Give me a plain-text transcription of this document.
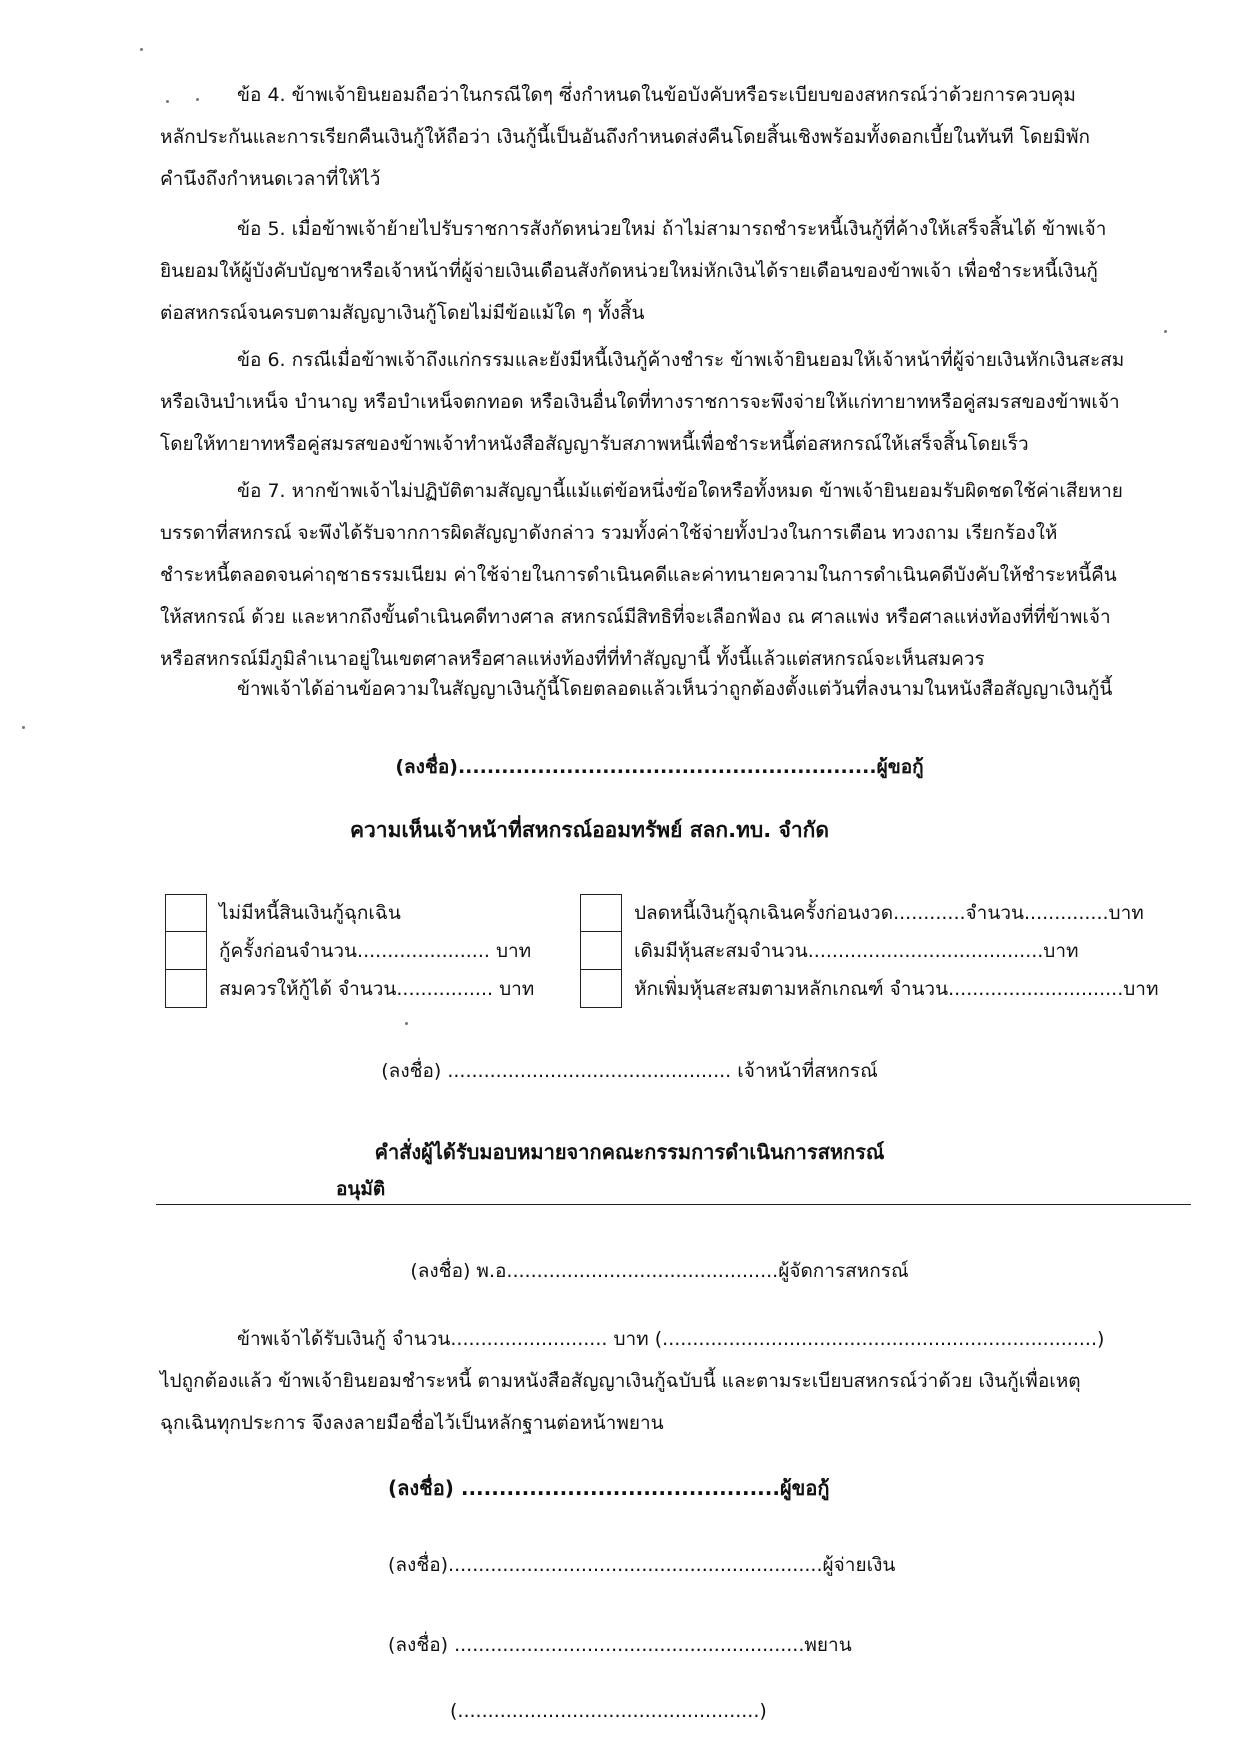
ข้อ 4. ข้าพเจ้ายินยอมถือว่าในกรณีใดๆ ซึ่งกำหนดในข้อบังคับหรือระเบียบของสหกรณ์ว่าด้วยการควบคุม
หลักประกันและการเรียกคืนเงินกู้ให้ถือว่า เงินกู้นี้เป็นอันถึงกำหนดส่งคืนโดยสิ้นเชิงพร้อมทั้งดอกเบี้ยในทันที โดยมิพัก
คำนึงถึงกำหนดเวลาที่ให้ไว้
ข้อ 5. เมื่อข้าพเจ้าย้ายไปรับราชการสังกัดหน่วยใหม่ ถ้าไม่สามารถชำระหนี้เงินกู้ที่ค้างให้เสร็จสิ้นได้ ข้าพเจ้า
ยินยอมให้ผู้บังคับบัญชาหรือเจ้าหน้าที่ผู้จ่ายเงินเดือนสังกัดหน่วยใหม่หักเงินได้รายเดือนของข้าพเจ้า เพื่อชำระหนี้เงินกู้
ต่อสหกรณ์จนครบตามสัญญาเงินกู้โดยไม่มีข้อแม้ใด ๆ ทั้งสิ้น
ข้อ 6. กรณีเมื่อข้าพเจ้าถึงแก่กรรมและยังมีหนี้เงินกู้ค้างชำระ ข้าพเจ้ายินยอมให้เจ้าหน้าที่ผู้จ่ายเงินหักเงินสะสม
หรือเงินบำเหน็จ บำนาญ หรือบำเหน็จตกทอด หรือเงินอื่นใดที่ทางราชการจะพึงจ่ายให้แก่ทายาทหรือคู่สมรสของข้าพเจ้า
โดยให้ทายาทหรือคู่สมรสของข้าพเจ้าทำหนังสือสัญญารับสภาพหนี้เพื่อชำระหนี้ต่อสหกรณ์ให้เสร็จสิ้นโดยเร็ว
ข้อ 7. หากข้าพเจ้าไม่ปฏิบัติตามสัญญานี้แม้แต่ข้อหนึ่งข้อใดหรือทั้งหมด ข้าพเจ้ายินยอมรับผิดชดใช้ค่าเสียหาย
บรรดาที่สหกรณ์ จะพึงได้รับจากการผิดสัญญาดังกล่าว รวมทั้งค่าใช้จ่ายทั้งปวงในการเตือน ทวงถาม เรียกร้องให้
ชำระหนี้ตลอดจนค่าฤชาธรรมเนียม ค่าใช้จ่ายในการดำเนินคดีและค่าทนายความในการดำเนินคดีบังคับให้ชำระหนี้คืน
ให้สหกรณ์ ด้วย และหากถึงขั้นดำเนินคดีทางศาล สหกรณ์มีสิทธิที่จะเลือกฟ้อง ณ ศาลแพ่ง หรือศาลแห่งท้องที่ที่ข้าพเจ้า
หรือสหกรณ์มีภูมิลำเนาอยู่ในเขตศาลหรือศาลแห่งท้องที่ที่ทำสัญญานี้ ทั้งนี้แล้วแต่สหกรณ์จะเห็นสมควร
ข้าพเจ้าได้อ่านข้อความในสัญญาเงินกู้นี้โดยตลอดแล้วเห็นว่าถูกต้องตั้งแต่วันที่ลงนามในหนังสือสัญญาเงินกู้นี้
(ลงชื่อ)..........................................................ผู้ขอกู้
ความเห็นเจ้าหน้าที่สหกรณ์ออมทรัพย์ สลก.ทบ. จำกัด
ไม่มีหนี้สินเงินกู้ฉุกเฉิน
กู้ครั้งก่อนจำนวน...................... บาท
สมควรให้กู้ได้ จำนวน................ บาท
ปลดหนี้เงินกู้ฉุกเฉินครั้งก่อนงวด............จำนวน..............บาท
เดิมมีหุ้นสะสมจำนวน.......................................บาท
หักเพิ่มหุ้นสะสมตามหลักเกณฑ์ จำนวน.............................บาท
(ลงชื่อ) ............................................... เจ้าหน้าที่สหกรณ์
คำสั่งผู้ได้รับมอบหมายจากคณะกรรมการดำเนินการสหกรณ์
อนุมัติ
(ลงชื่อ) พ.อ.............................................ผู้จัดการสหกรณ์
ข้าพเจ้าได้รับเงินกู้ จำนวน.......................... บาท (........................................................................)
ไปถูกต้องแล้ว ข้าพเจ้ายินยอมชำระหนี้ ตามหนังสือสัญญาเงินกู้ฉบับนี้ และตามระเบียบสหกรณ์ว่าด้วย เงินกู้เพื่อเหตุ
ฉุกเฉินทุกประการ จึงลงลายมือชื่อไว้เป็นหลักฐานต่อหน้าพยาน
(ลงชื่อ) ..........................................ผู้ขอกู้
(ลงชื่อ)..............................................................ผู้จ่ายเงิน
(ลงชื่อ) ..........................................................พยาน
(..................................................)
